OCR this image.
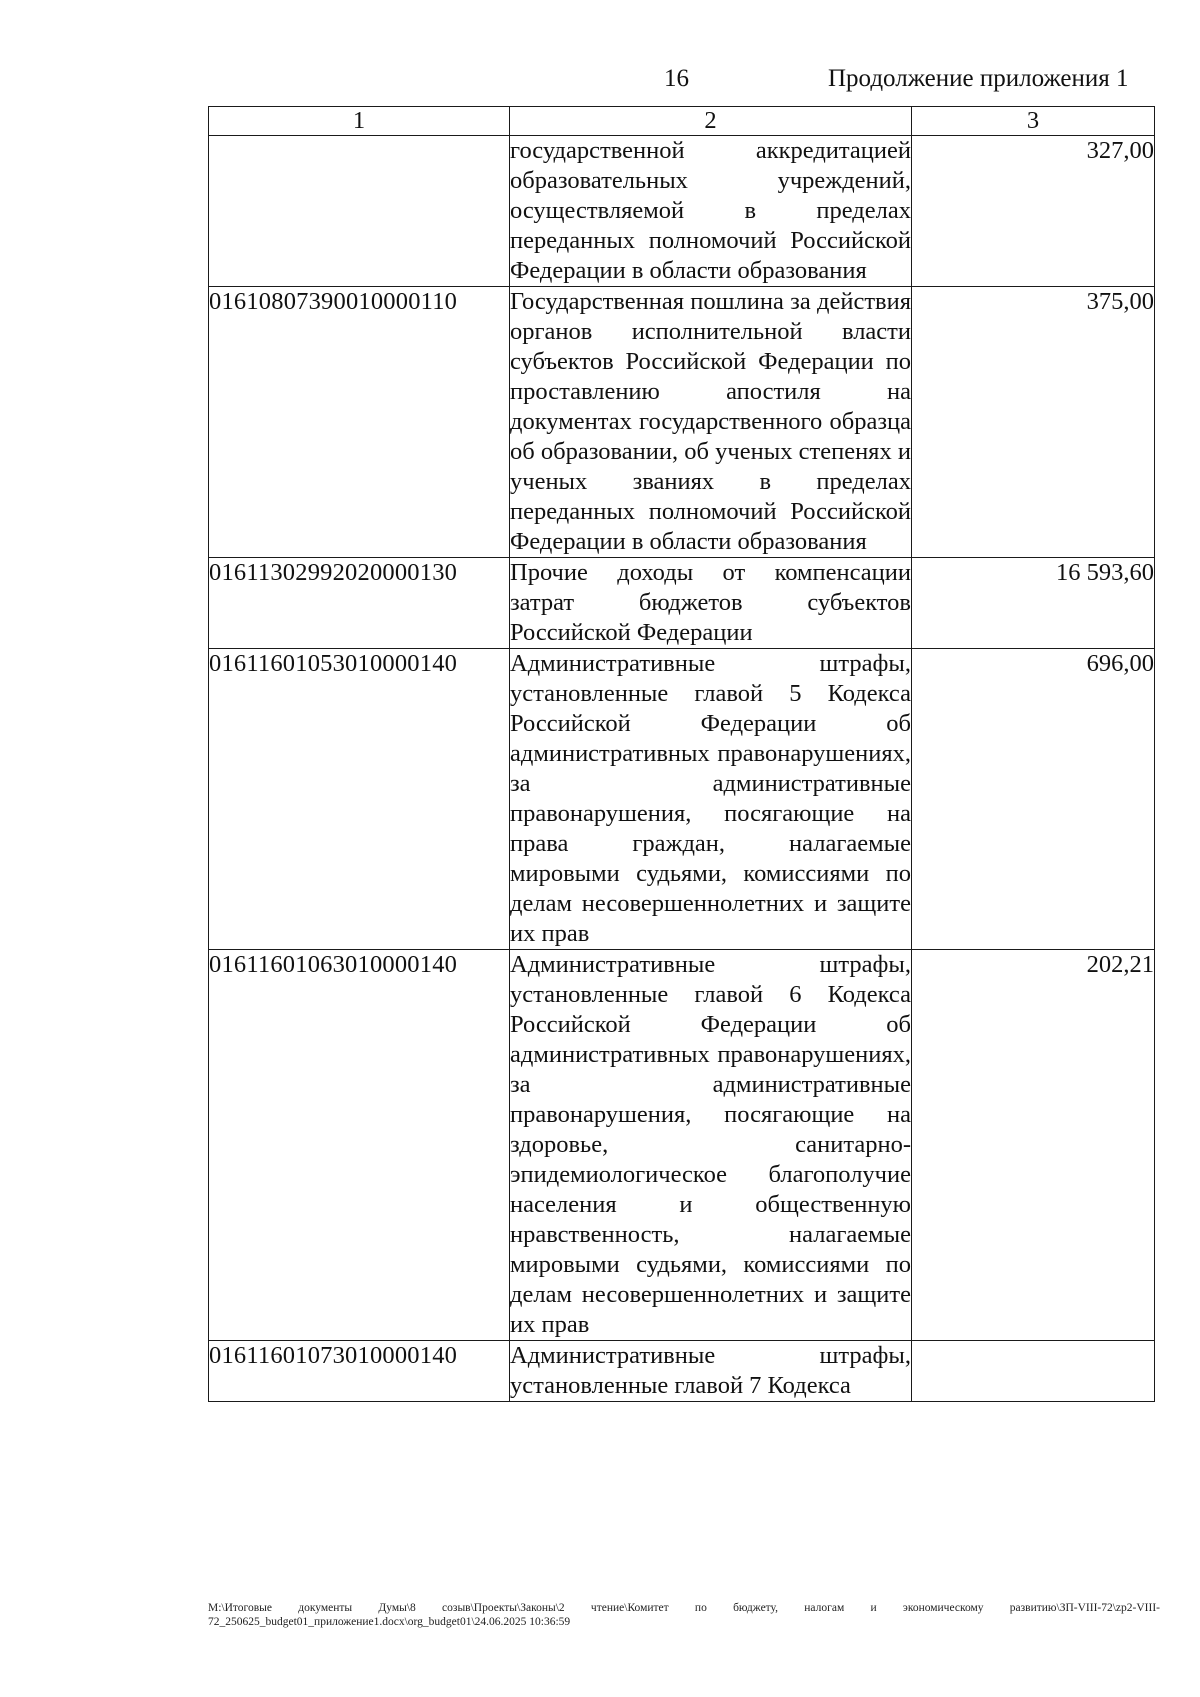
16	Продолжение приложения 1
1	2	3
	государственной аккредитацией образовательных учреждений, осуществляемой в пределах переданных полномочий Российской Федерации в области образования	327,00
01610807390010000110	Государственная пошлина за действия органов исполнительной власти субъектов Российской Федерации по проставлению апостиля на документах государственного образца об образовании, об ученых степенях и ученых званиях в пределах переданных полномочий Российской Федерации в области образования	375,00
01611302992020000130	Прочие доходы от компенсации затрат бюджетов субъектов Российской Федерации	16 593,60
01611601053010000140	Административные штрафы, установленные главой 5 Кодекса Российской Федерации об административных правонарушениях, за административные правонарушения, посягающие на права граждан, налагаемые мировыми судьями, комиссиями по делам несовершеннолетних и защите их прав	696,00
01611601063010000140	Административные штрафы, установленные главой 6 Кодекса Российской Федерации об административных правонарушениях, за административные правонарушения, посягающие на здоровье, санитарно-эпидемиологическое благополучие населения и общественную нравственность, налагаемые мировыми судьями, комиссиями по делам несовершеннолетних и защите их прав	202,21
01611601073010000140	Административные штрафы, установленные главой 7 Кодекса	
M:\Итоговые документы Думы\8 созыв\Проекты\Законы\2 чтение\Комитет по бюджету, налогам и экономическому развитию\ЗП-VIII-72\zp2-VIII-72_250625_budget01_приложение1.docx\org_budget01\24.06.2025 10:36:59
